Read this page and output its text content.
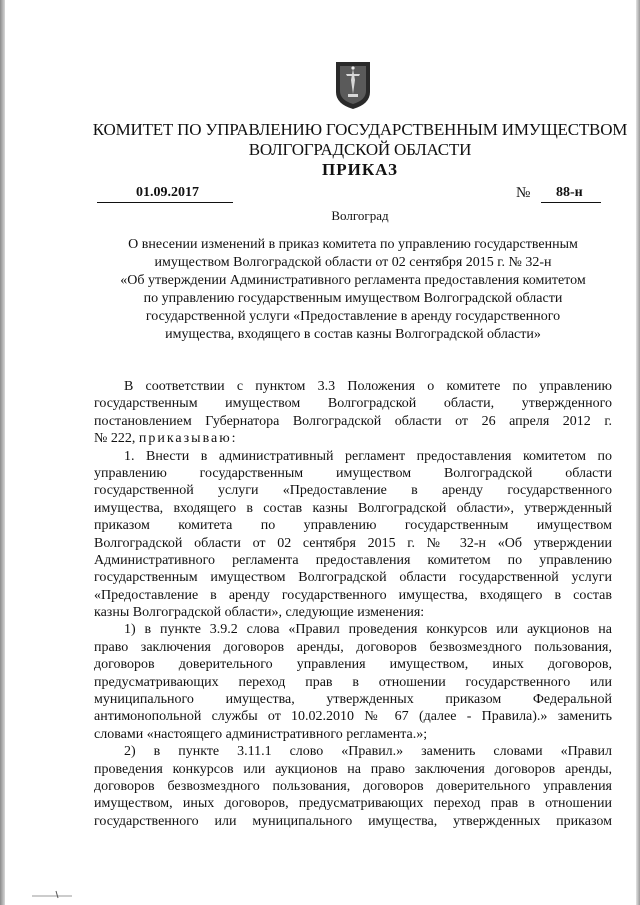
КОМИТЕТ ПО УПРАВЛЕНИЮ ГОСУДАРСТВЕННЫМ ИМУЩЕСТВОМ
ВОЛГОГРАДСКОЙ ОБЛАСТИ
ПРИКАЗ
01.09.2017	№ 88-н
Волгоград
О внесении изменений в приказ комитета по управлению государственным
имуществом Волгоградской области от 02 сентября 2015 г. № 32-н
«Об утверждении Административного регламента предоставления комитетом
по управлению государственным имуществом Волгоградской области
государственной услуги «Предоставление в аренду государственного
имущества, входящего в состав казны Волгоградской области»
В соответствии с пунктом 3.3 Положения о комитете по управлению
государственным имуществом Волгоградской области, утвержденного
постановлением Губернатора Волгоградской области от 26 апреля 2012 г.
№ 222, приказываю:
1. Внести в административный регламент предоставления комитетом по
управлению государственным имуществом Волгоградской области
государственной услуги «Предоставление в аренду государственного
имущества, входящего в состав казны Волгоградской области», утвержденный
приказом комитета по управлению государственным имуществом
Волгоградской области от 02 сентября 2015 г. № 32-н «Об утверждении
Административного регламента предоставления комитетом по управлению
государственным имуществом Волгоградской области государственной услуги
«Предоставление в аренду государственного имущества, входящего в состав
казны Волгоградской области», следующие изменения:
1) в пункте 3.9.2 слова «Правил проведения конкурсов или аукционов на
право заключения договоров аренды, договоров безвозмездного пользования,
договоров доверительного управления имуществом, иных договоров,
предусматривающих переход прав в отношении государственного или
муниципального имущества, утвержденных приказом Федеральной
антимонопольной службы от 10.02.2010 № 67 (далее - Правила).» заменить
словами «настоящего административного регламента.»;
2) в пункте 3.11.1 слово «Правил.» заменить словами «Правил
проведения конкурсов или аукционов на право заключения договоров аренды,
договоров безвозмездного пользования, договоров доверительного управления
имуществом, иных договоров, предусматривающих переход прав в отношении
государственного или муниципального имущества, утвержденных приказом
